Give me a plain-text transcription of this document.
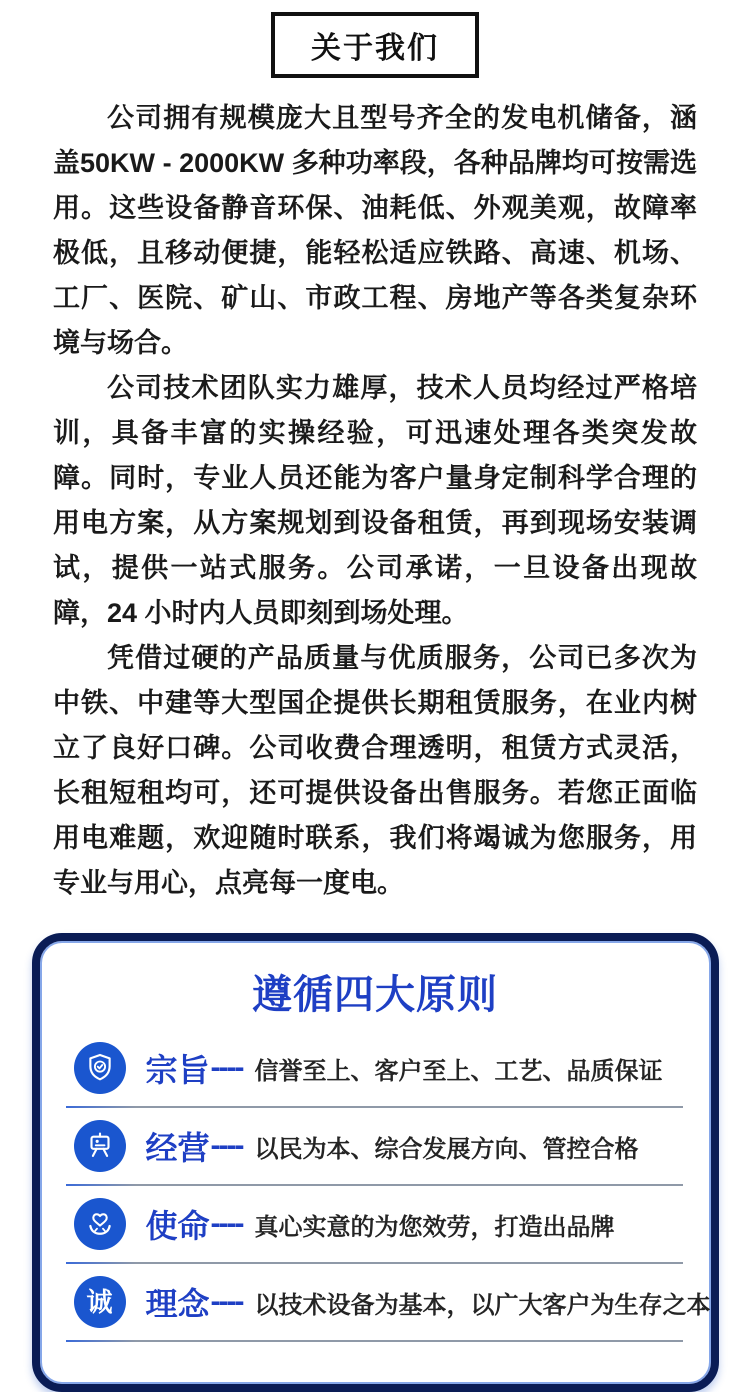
关于我们

公司拥有规模庞大且型号齐全的发电机储备，涵盖50KW - 2000KW 多种功率段，各种品牌均可按需选用。这些设备静音环保、油耗低、外观美观，故障率极低，且移动便捷，能轻松适应铁路、高速、机场、工厂、医院、矿山、市政工程、房地产等各类复杂环境与场合。

公司技术团队实力雄厚，技术人员均经过严格培训，具备丰富的实操经验，可迅速处理各类突发故障。同时，专业人员还能为客户量身定制科学合理的用电方案，从方案规划到设备租赁，再到现场安装调试，提供一站式服务。公司承诺，一旦设备出现故障，24 小时内人员即刻到场处理。

凭借过硬的产品质量与优质服务，公司已多次为中铁、中建等大型国企提供长期租赁服务，在业内树立了良好口碑。公司收费合理透明，租赁方式灵活，长租短租均可，还可提供设备出售服务。若您正面临用电难题，欢迎随时联系，我们将竭诚为您服务，用专业与用心，点亮每一度电。

遵循四大原则
宗旨 ---- 信誉至上、客户至上、工艺、品质保证
经营 ---- 以民为本、综合发展方向、管控合格
使命 ---- 真心实意的为您效劳，打造出品牌
诚 理念 ---- 以技术设备为基本，以广大客户为生存之本
